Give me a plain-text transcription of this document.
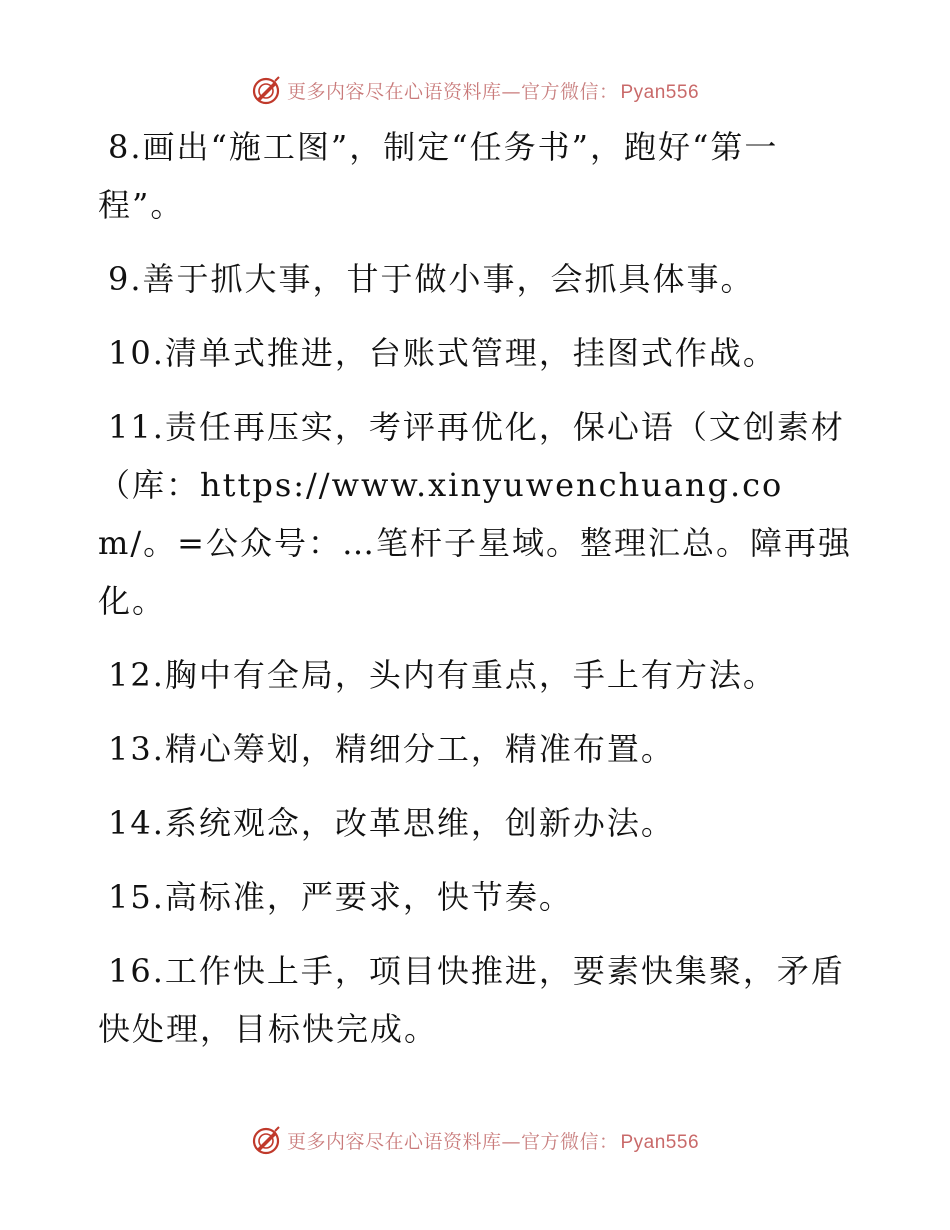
更多内容尽在心语资料库—官方微信： Pyan556

8.画出“施工图”，制定“任务书”，跑好“第一程”。

9.善于抓大事，甘于做小事，会抓具体事。

10.清单式推进，台账式管理，挂图式作战。

11.责任再压实，考评再优化，保心语（文创素材（库：https://www.xinyuwenchuang.com/。=公众号：…笔杆子星域。整理汇总。障再强化。

12.胸中有全局，头内有重点，手上有方法。

13.精心筹划，精细分工，精准布置。

14.系统观念，改革思维，创新办法。

15.高标准，严要求，快节奏。

16.工作快上手，项目快推进，要素快集聚，矛盾快处理，目标快完成。

更多内容尽在心语资料库—官方微信： Pyan556
